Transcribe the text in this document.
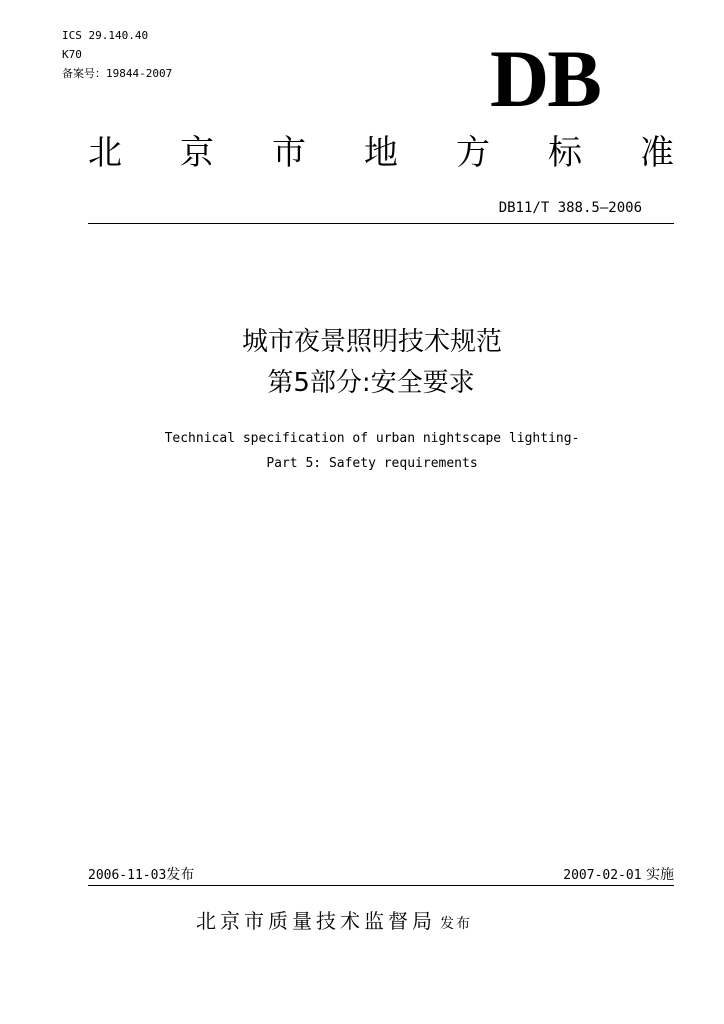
ICS 29.140.40
K70
备案号：19844-2007	DB
北 京 市 地 方 标 准
DB11/T 388.5—2006
城市夜景照明技术规范
第5部分:安全要求
Technical specification of urban nightscape lighting-
Part 5: Safety requirements
2006-11-03发布	2007-02-01 实施
北京市质量技术监督局 发布
